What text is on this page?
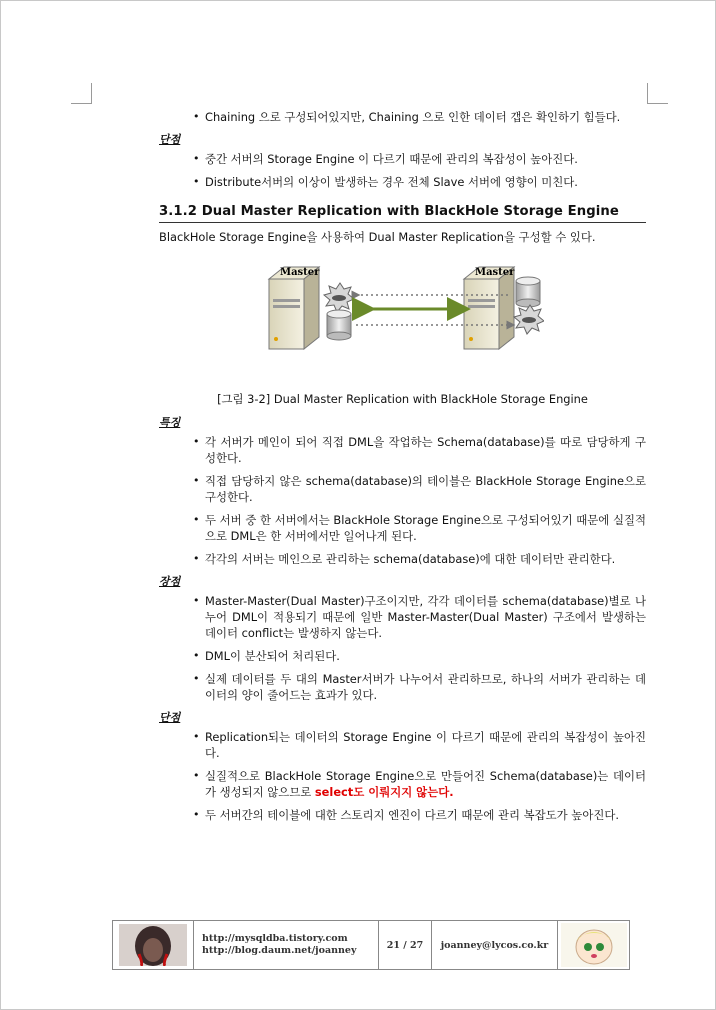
• Chaining 으로 구성되어있지만, Chaining 으로 인한 데이터 갭은 확인하기 힘들다.
단점
• 중간 서버의 Storage Engine 이 다르기 때문에 관리의 복잡성이 높아진다.
• Distribute서버의 이상이 발생하는 경우 전체 Slave 서버에 영향이 미친다.
3.1.2 Dual Master Replication with BlackHole Storage Engine
BlackHole Storage Engine을 사용하여 Dual Master Replication을 구성할 수 있다.
Master	Master
[그림 3-2] Dual Master Replication with BlackHole Storage Engine
특징
• 각 서버가 메인이 되어 직접 DML을 작업하는 Schema(database)를 따로 담당하게 구성한다.
• 직접 담당하지 않은 schema(database)의 테이블은 BlackHole Storage Engine으로 구성한다.
• 두 서버 중 한 서버에서는 BlackHole Storage Engine으로 구성되어있기 때문에 실질적으로 DML은 한 서버에서만 일어나게 된다.
• 각각의 서버는 메인으로 관리하는 schema(database)에 대한 데이터만 관리한다.
장점
• Master-Master(Dual Master)구조이지만, 각각 데이터를 schema(database)별로 나누어 DML이 적용되기 때문에 일반 Master-Master(Dual Master) 구조에서 발생하는 데이터 conflict는 발생하지 않는다.
• DML이 분산되어 처리된다.
• 실제 데이터를 두 대의 Master서버가 나누어서 관리하므로, 하나의 서버가 관리하는 데이터의 양이 줄어드는 효과가 있다.
단점
• Replication되는 데이터의 Storage Engine 이 다르기 때문에 관리의 복잡성이 높아진다.
• 실질적으로 BlackHole Storage Engine으로 만들어진 Schema(database)는 데이터가 생성되지 않으므로 select도 이뤄지지 않는다.
• 두 서버간의 테이블에 대한 스토리지 엔진이 다르기 때문에 관리 복잡도가 높아진다.
http://mysqldba.tistory.com
http://blog.daum.net/joanney	21 / 27	joanney@lycos.co.kr
